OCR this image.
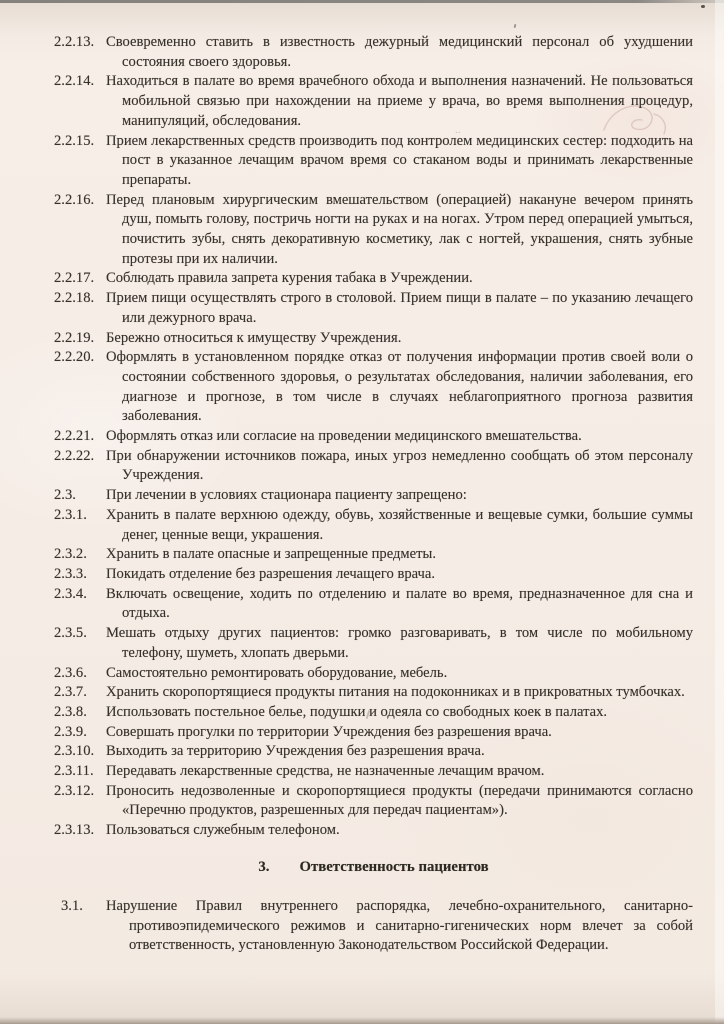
..

2.2.13. Своевременно ставить в известность дежурный медицинский персонал об ухудшении состояния своего здоровья.

2.2.14. Находиться в палате во время врачебного обхода и выполнения назначений. Не пользоваться мобильной связью при нахождении на приеме у врача, во время выполнения процедур, манипуляций, обследования.

2.2.15. Прием лекарственных средств производить под контролем медицинских сестер: подходить на пост в указанное лечащим врачом время со стаканом воды и принимать лекарственные препараты.

2.2.16. Перед плановым хирургическим вмешательством (операцией) накануне вечером принять душ, помыть голову, постричь ногти на руках и на ногах. Утром перед операцией умыться, почистить зубы, снять декоративную косметику, лак с ногтей, украшения, снять зубные протезы при их наличии.

2.2.17. Соблюдать правила запрета курения табака в Учреждении.

2.2.18. Прием пищи осуществлять строго в столовой. Прием пищи в палате – по указанию лечащего или дежурного врача.

2.2.19. Бережно относиться к имуществу Учреждения.

2.2.20. Оформлять в установленном порядке отказ от получения информации против своей воли о состоянии собственного здоровья, о результатах обследования, наличии заболевания, его диагнозе и прогнозе, в том числе в случаях неблагоприятного прогноза развития заболевания.

2.2.21. Оформлять отказ или согласие на проведении медицинского вмешательства.

2.2.22. При обнаружении источников пожара, иных угроз немедленно сообщать об этом персоналу Учреждения.

2.3. При лечении в условиях стационара пациенту запрещено:

2.3.1. Хранить в палате верхнюю одежду, обувь, хозяйственные и вещевые сумки, большие суммы денег, ценные вещи, украшения.

2.3.2. Хранить в палате опасные и запрещенные предметы.

2.3.3. Покидать отделение без разрешения лечащего врача.

2.3.4. Включать освещение, ходить по отделению и палате во время, предназначенное для сна и отдыха.

2.3.5. Мешать отдыху других пациентов: громко разговаривать, в том числе по мобильному телефону, шуметь, хлопать дверьми.

2.3.6. Самостоятельно ремонтировать оборудование, мебель.

2.3.7. Хранить скоропортящиеся продукты питания на подоконниках и в прикроватных тумбочках.

2.3.8. Использовать постельное белье, подушки и одеяла со свободных коек в палатах.

2.3.9. Совершать прогулки по территории Учреждения без разрешения врача.

2.3.10. Выходить за территорию Учреждения без разрешения врача.

2.3.11. Передавать лекарственные средства, не назначенные лечащим врачом.

2.3.12. Проносить недозволенные и скоропортящиеся продукты (передачи принимаются согласно «Перечню продуктов, разрешенных для передач пациентам»).

2.3.13. Пользоваться служебным телефоном.

3. Ответственность пациентов

3.1. Нарушение Правил внутреннего распорядка, лечебно-охранительного, санитарно-противоэпидемического режимов и санитарно-гигенических норм влечет за собой ответственность, установленную Законодательством Российской Федерации.
